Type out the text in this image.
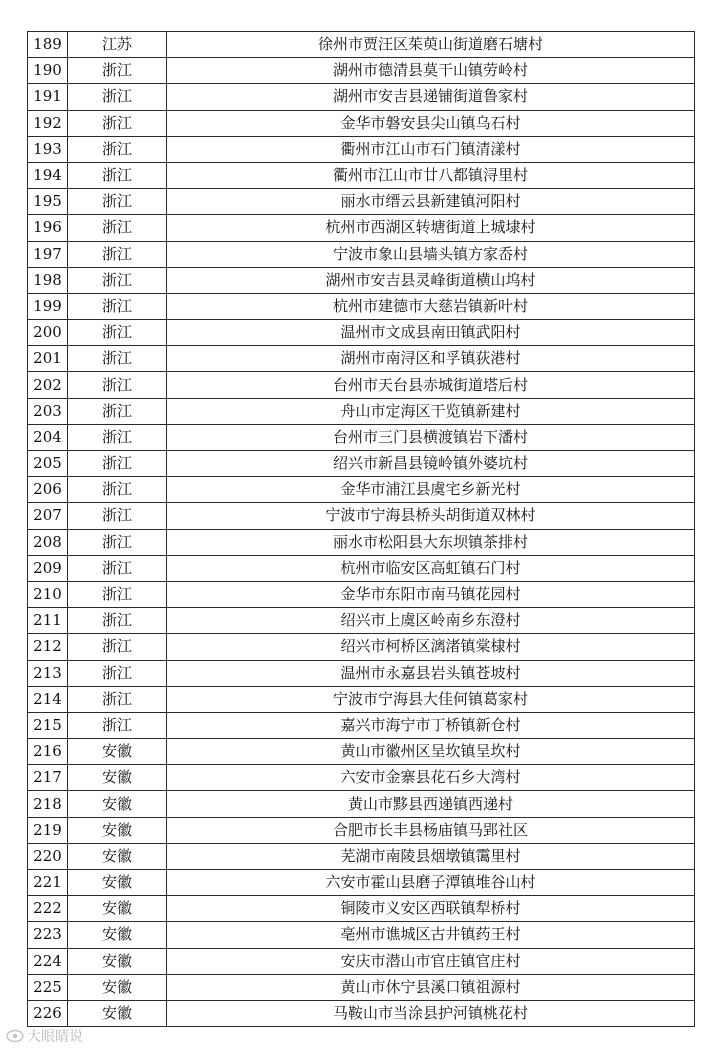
189	江苏	徐州市贾汪区茱萸山街道磨石塘村
190	浙江	湖州市德清县莫干山镇劳岭村
191	浙江	湖州市安吉县递铺街道鲁家村
192	浙江	金华市磐安县尖山镇乌石村
193	浙江	衢州市江山市石门镇清漾村
194	浙江	衢州市江山市廿八都镇浔里村
195	浙江	丽水市缙云县新建镇河阳村
196	浙江	杭州市西湖区转塘街道上城埭村
197	浙江	宁波市象山县墙头镇方家岙村
198	浙江	湖州市安吉县灵峰街道横山坞村
199	浙江	杭州市建德市大慈岩镇新叶村
200	浙江	温州市文成县南田镇武阳村
201	浙江	湖州市南浔区和孚镇荻港村
202	浙江	台州市天台县赤城街道塔后村
203	浙江	舟山市定海区干览镇新建村
204	浙江	台州市三门县横渡镇岩下潘村
205	浙江	绍兴市新昌县镜岭镇外婆坑村
206	浙江	金华市浦江县虞宅乡新光村
207	浙江	宁波市宁海县桥头胡街道双林村
208	浙江	丽水市松阳县大东坝镇茶排村
209	浙江	杭州市临安区高虹镇石门村
210	浙江	金华市东阳市南马镇花园村
211	浙江	绍兴市上虞区岭南乡东澄村
212	浙江	绍兴市柯桥区漓渚镇棠棣村
213	浙江	温州市永嘉县岩头镇苍坡村
214	浙江	宁波市宁海县大佳何镇葛家村
215	浙江	嘉兴市海宁市丁桥镇新仓村
216	安徽	黄山市徽州区呈坎镇呈坎村
217	安徽	六安市金寨县花石乡大湾村
218	安徽	黄山市黟县西递镇西递村
219	安徽	合肥市长丰县杨庙镇马郢社区
220	安徽	芜湖市南陵县烟墩镇霭里村
221	安徽	六安市霍山县磨子潭镇堆谷山村
222	安徽	铜陵市义安区西联镇犁桥村
223	安徽	亳州市谯城区古井镇药王村
224	安徽	安庆市潜山市官庄镇官庄村
225	安徽	黄山市休宁县溪口镇祖源村
226	安徽	马鞍山市当涂县护河镇桃花村
大眼睛说
